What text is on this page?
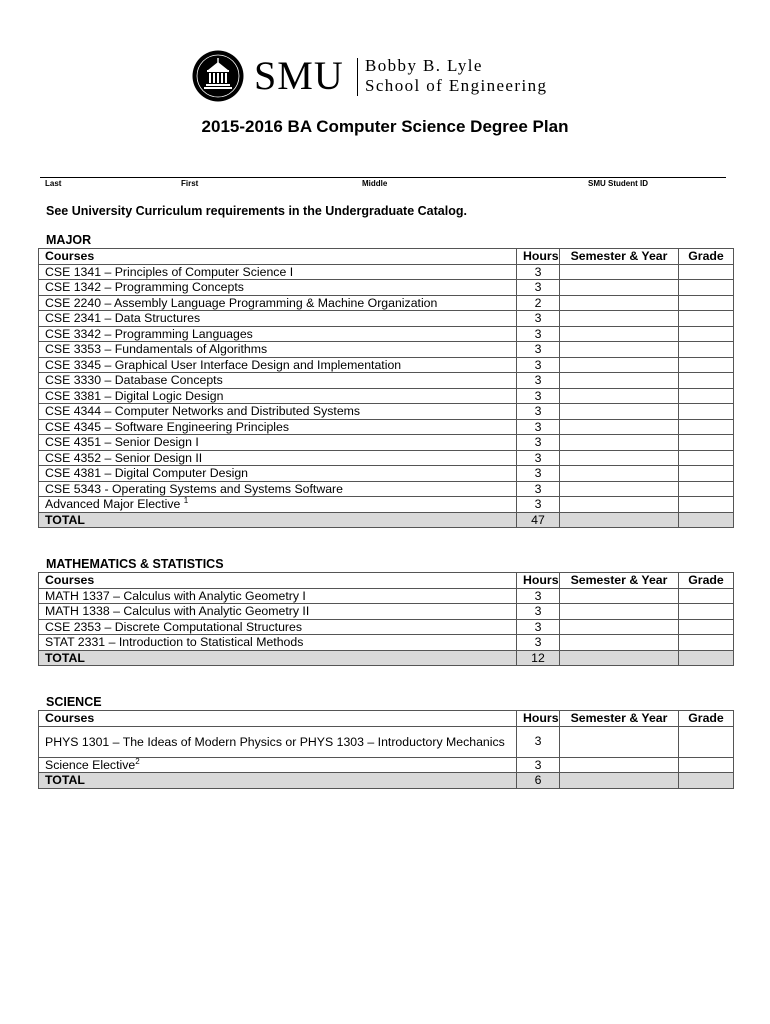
SMU Bobby B. Lyle
School of Engineering
2015-2016 BA Computer Science Degree Plan
Last	First	Middle	SMU Student ID
See University Curriculum requirements in the Undergraduate Catalog.
MAJOR
Courses	Hours	Semester & Year	Grade
CSE 1341 – Principles of Computer Science I	3		
CSE 1342 – Programming Concepts	3		
CSE 2240 – Assembly Language Programming & Machine Organization	2		
CSE 2341 – Data Structures	3		
CSE 3342 – Programming Languages	3		
CSE 3353 – Fundamentals of Algorithms	3		
CSE 3345 – Graphical User Interface Design and Implementation	3		
CSE 3330 – Database Concepts	3		
CSE 3381 – Digital Logic Design	3		
CSE 4344 – Computer Networks and Distributed Systems	3		
CSE 4345 – Software Engineering Principles	3		
CSE 4351 – Senior Design I	3		
CSE 4352 – Senior Design II	3		
CSE 4381 – Digital Computer Design	3		
CSE 5343 - Operating Systems and Systems Software	3		
Advanced Major Elective $^1$	3		
TOTAL	47		
MATHEMATICS & STATISTICS
Courses	Hours	Semester & Year	Grade
MATH 1337 – Calculus with Analytic Geometry I	3		
MATH 1338 – Calculus with Analytic Geometry II	3		
CSE 2353 – Discrete Computational Structures	3		
STAT 2331 – Introduction to Statistical Methods	3		
TOTAL	12		
SCIENCE
Courses	Hours	Semester & Year	Grade
PHYS 1301 – The Ideas of Modern Physics or PHYS 1303 – Introductory Mechanics	3		
Science Elective$^2$	3		
TOTAL	6		
